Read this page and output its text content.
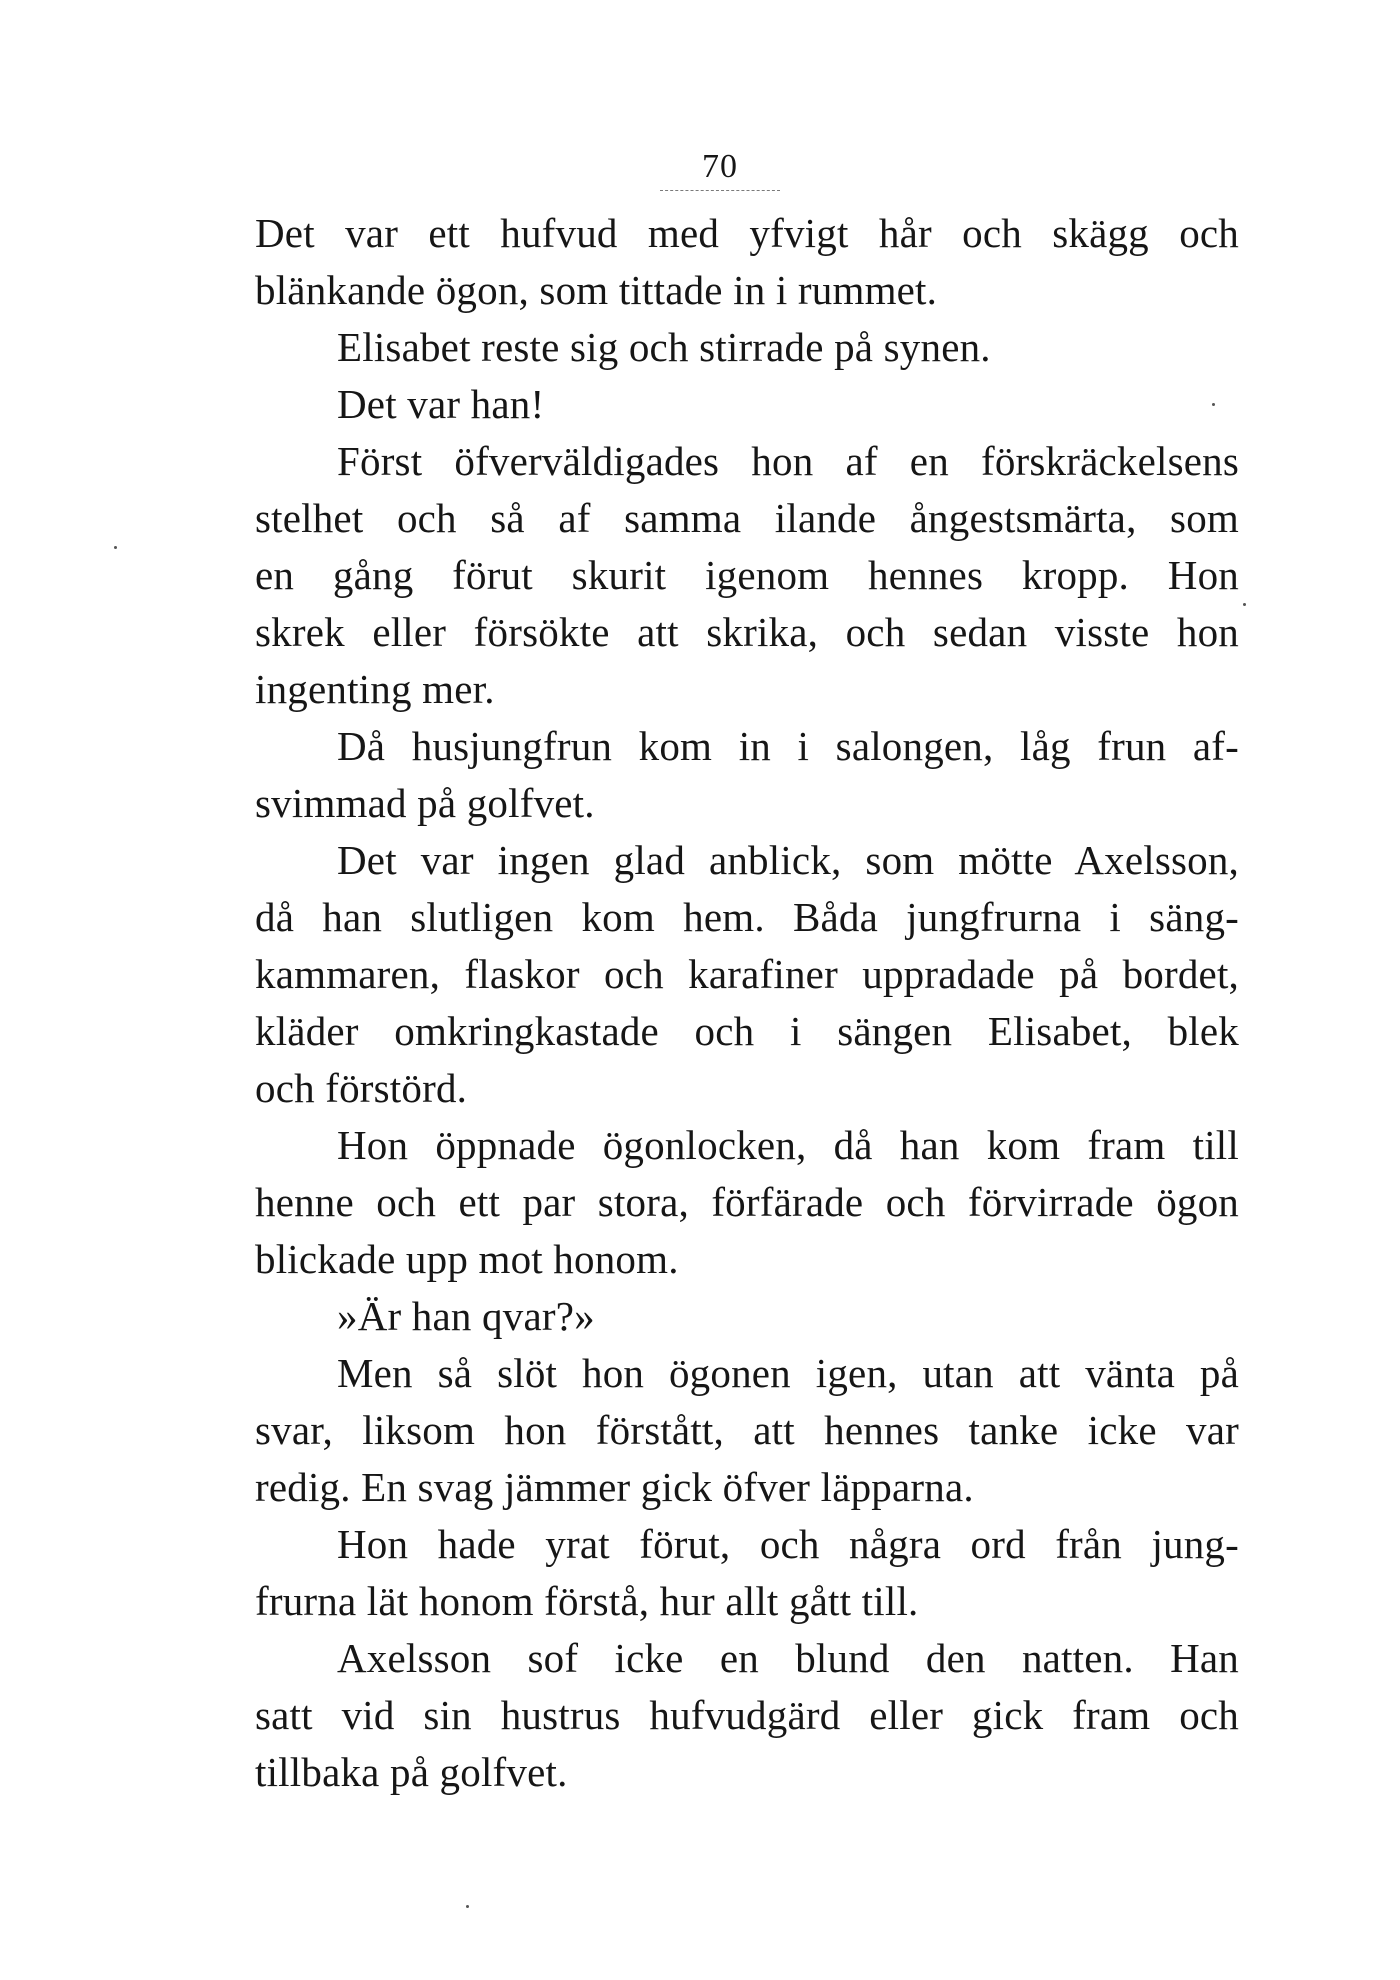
70
Det var ett hufvud med yfvigt hår och skägg och
blänkande ögon, som tittade in i rummet.
Elisabet reste sig och stirrade på synen.
Det var han!
Först öfverväldigades hon af en förskräckelsens
stelhet och så af samma ilande ångestsmärta, som
en gång förut skurit igenom hennes kropp. Hon
skrek eller försökte att skrika, och sedan visste hon
ingenting mer.
Då husjungfrun kom in i salongen, låg frun af-
svimmad på golfvet.
Det var ingen glad anblick, som mötte Axelsson,
då han slutligen kom hem. Båda jungfrurna i säng-
kammaren, flaskor och karafiner uppradade på bordet,
kläder omkringkastade och i sängen Elisabet, blek
och förstörd.
Hon öppnade ögonlocken, då han kom fram till
henne och ett par stora, förfärade och förvirrade ögon
blickade upp mot honom.
»Är han qvar?»
Men så slöt hon ögonen igen, utan att vänta på
svar, liksom hon förstått, att hennes tanke icke var
redig. En svag jämmer gick öfver läpparna.
Hon hade yrat förut, och några ord från jung-
frurna lät honom förstå, hur allt gått till.
Axelsson sof icke en blund den natten. Han
satt vid sin hustrus hufvudgärd eller gick fram och
tillbaka på golfvet.
